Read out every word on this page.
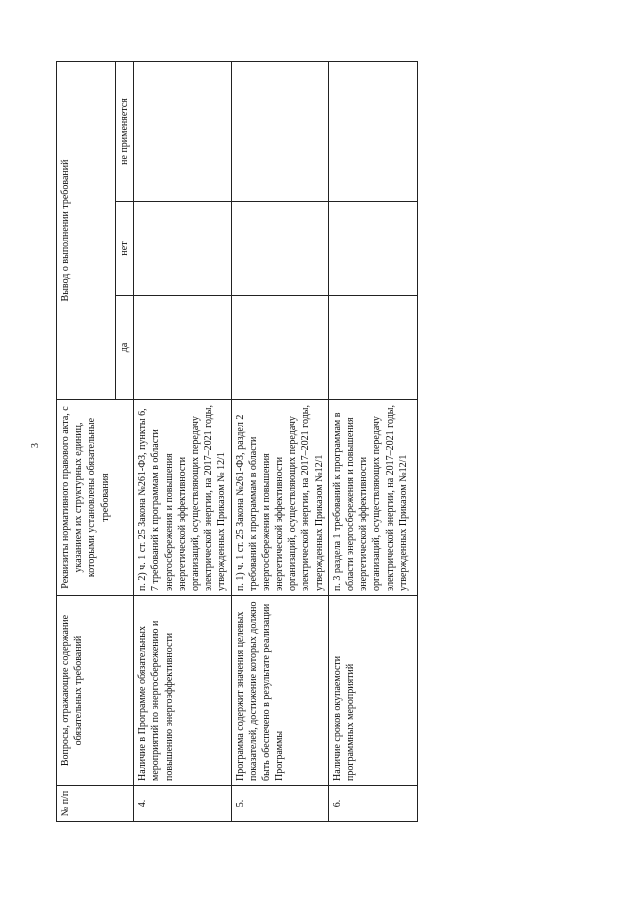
3
№ п/п	Вопросы, отражающие содержание обязательных требований	Реквизиты нормативного правового акта, с указанием их структурных единиц, которыми установлены обязательные требования	Вывод о выполнении требований		
			да	нет	не применяется
4.	Наличие в Программе обязательных мероприятий по энергосбережению и повышению энергоэффективности	п. 2) ч. 1 ст. 25 Закона №261-ФЗ, пункты 6, 7 требований к программам в области энергосбережения и повышения энергетической эффективности организаций, осуществляющих передачу электрической энергии, на 2017–2021 годы, утвержденных Приказом № 12/1			
5.	Программа содержит значения целевых показателей, достижение которых должно быть обеспечено в результате реализации Программы	п. 1) ч. 1 ст. 25 Закона №261-ФЗ, раздел 2 требований к программам в области энергосбережения и повышения энергетической эффективности организаций, осуществляющих передачу электрической энергии, на 2017–2021 годы, утвержденных Приказом №12/1			
6.	Наличие сроков окупаемости программных мероприятий	п. 3 раздела 1 требований к программам в области энергосбережения и повышения энергетической эффективности организаций, осуществляющих передачу электрической энергии, на 2017–2021 годы, утвержденных Приказом №12/1			
